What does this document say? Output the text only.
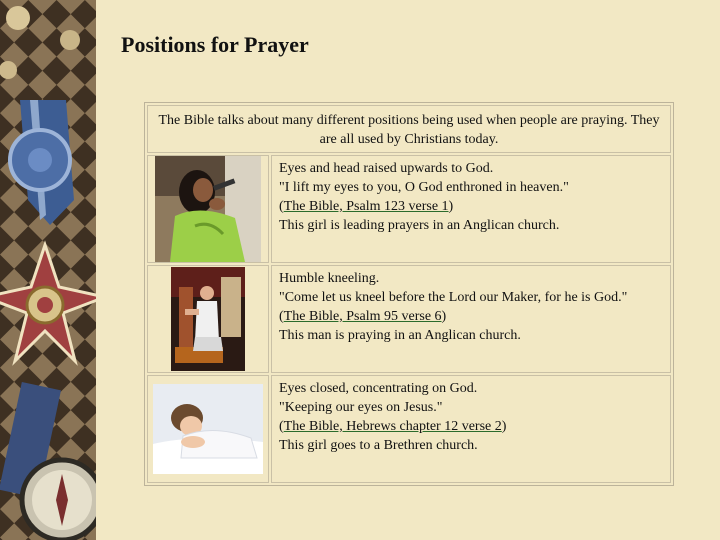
Positions for Prayer
The Bible talks about many different positions being used when people are praying. They are all used by Christians today.	

Eyes and head raised upwards to God.
"I lift my eyes to you, O God enthroned in heaven."
(The Bible, Psalm 123 verse 1)
This girl is leading prayers in an Anglican church.

Humble kneeling.
"Come let us kneel before the Lord our Maker, for he is God."
(The Bible, Psalm 95 verse 6)
This man is praying in an Anglican church.

Eyes closed, concentrating on God.
"Keeping our eyes on Jesus."
(The Bible, Hebrews chapter 12 verse 2)
This girl goes to a Brethren church.
